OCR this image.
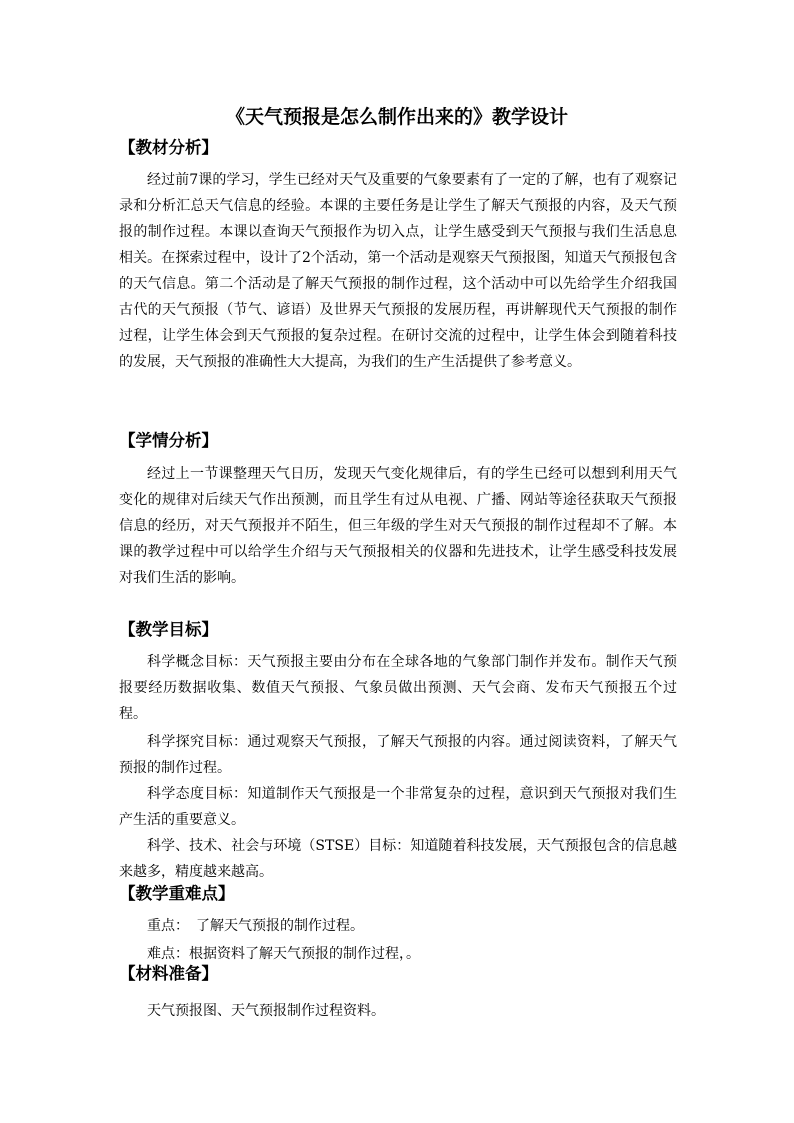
《天气预报是怎么制作出来的》教学设计
【教材分析】

经过前7课的学习，学生已经对天气及重要的气象要素有了一定的了解，也有了观察记录和分析汇总天气信息的经验。本课的主要任务是让学生了解天气预报的内容，及天气预报的制作过程。本课以查询天气预报作为切入点，让学生感受到天气预报与我们生活息息相关。在探索过程中，设计了2个活动，第一个活动是观察天气预报图，知道天气预报包含的天气信息。第二个活动是了解天气预报的制作过程，这个活动中可以先给学生介绍我国古代的天气预报（节气、谚语）及世界天气预报的发展历程，再讲解现代天气预报的制作过程，让学生体会到天气预报的复杂过程。在研讨交流的过程中，让学生体会到随着科技的发展，天气预报的准确性大大提高，为我们的生产生活提供了参考意义。

【学情分析】

经过上一节课整理天气日历，发现天气变化规律后，有的学生已经可以想到利用天气变化的规律对后续天气作出预测，而且学生有过从电视、广播、网站等途径获取天气预报信息的经历，对天气预报并不陌生，但三年级的学生对天气预报的制作过程却不了解。本课的教学过程中可以给学生介绍与天气预报相关的仪器和先进技术，让学生感受科技发展对我们生活的影响。

【教学目标】

科学概念目标：天气预报主要由分布在全球各地的气象部门制作并发布。制作天气预报要经历数据收集、数值天气预报、气象员做出预测、天气会商、发布天气预报五个过程。

科学探究目标：通过观察天气预报，了解天气预报的内容。通过阅读资料，了解天气预报的制作过程。

科学态度目标：知道制作天气预报是一个非常复杂的过程，意识到天气预报对我们生产生活的重要意义。

科学、技术、社会与环境（STSE）目标：知道随着科技发展，天气预报包含的信息越来越多，精度越来越高。

【教学重难点】
重点：　了解天气预报的制作过程。
难点：根据资料了解天气预报的制作过程，。
【材料准备】
天气预报图、天气预报制作过程资料。
